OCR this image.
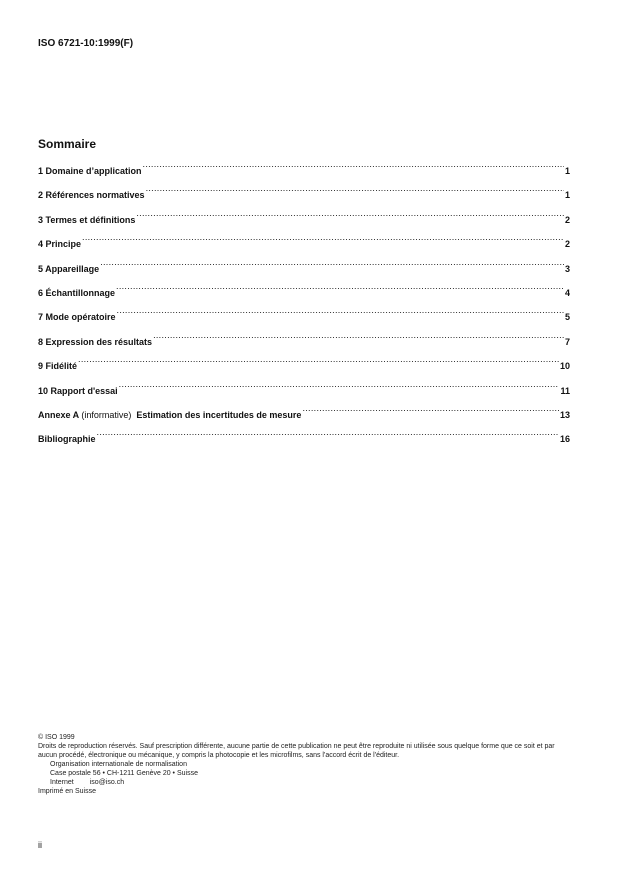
ISO 6721-10:1999(F)
Sommaire
1 Domaine d’application .....	1
2 Références normatives .....	1
3 Termes et définitions .....	2
4 Principe .....	2
5 Appareillage .....	3
6 Échantillonnage .....	4
7 Mode opératoire .....	5
8 Expression des résultats .....	7
9 Fidélité .....	10
10 Rapport d'essai .....	11
Annexe A (informative) Estimation des incertitudes de mesure .....	13
Bibliographie .....	16
© ISO 1999
Droits de reproduction réservés. Sauf prescription différente, aucune partie de cette publication ne peut être reproduite ni utilisée sous quelque forme que ce soit et par aucun procédé, électronique ou mécanique, y compris la photocopie et les microfilms, sans l'accord écrit de l'éditeur.
Organisation internationale de normalisation
Case postale 56 • CH-1211 Genève 20 • Suisse
Internet iso@iso.ch
Imprimé en Suisse
ii
